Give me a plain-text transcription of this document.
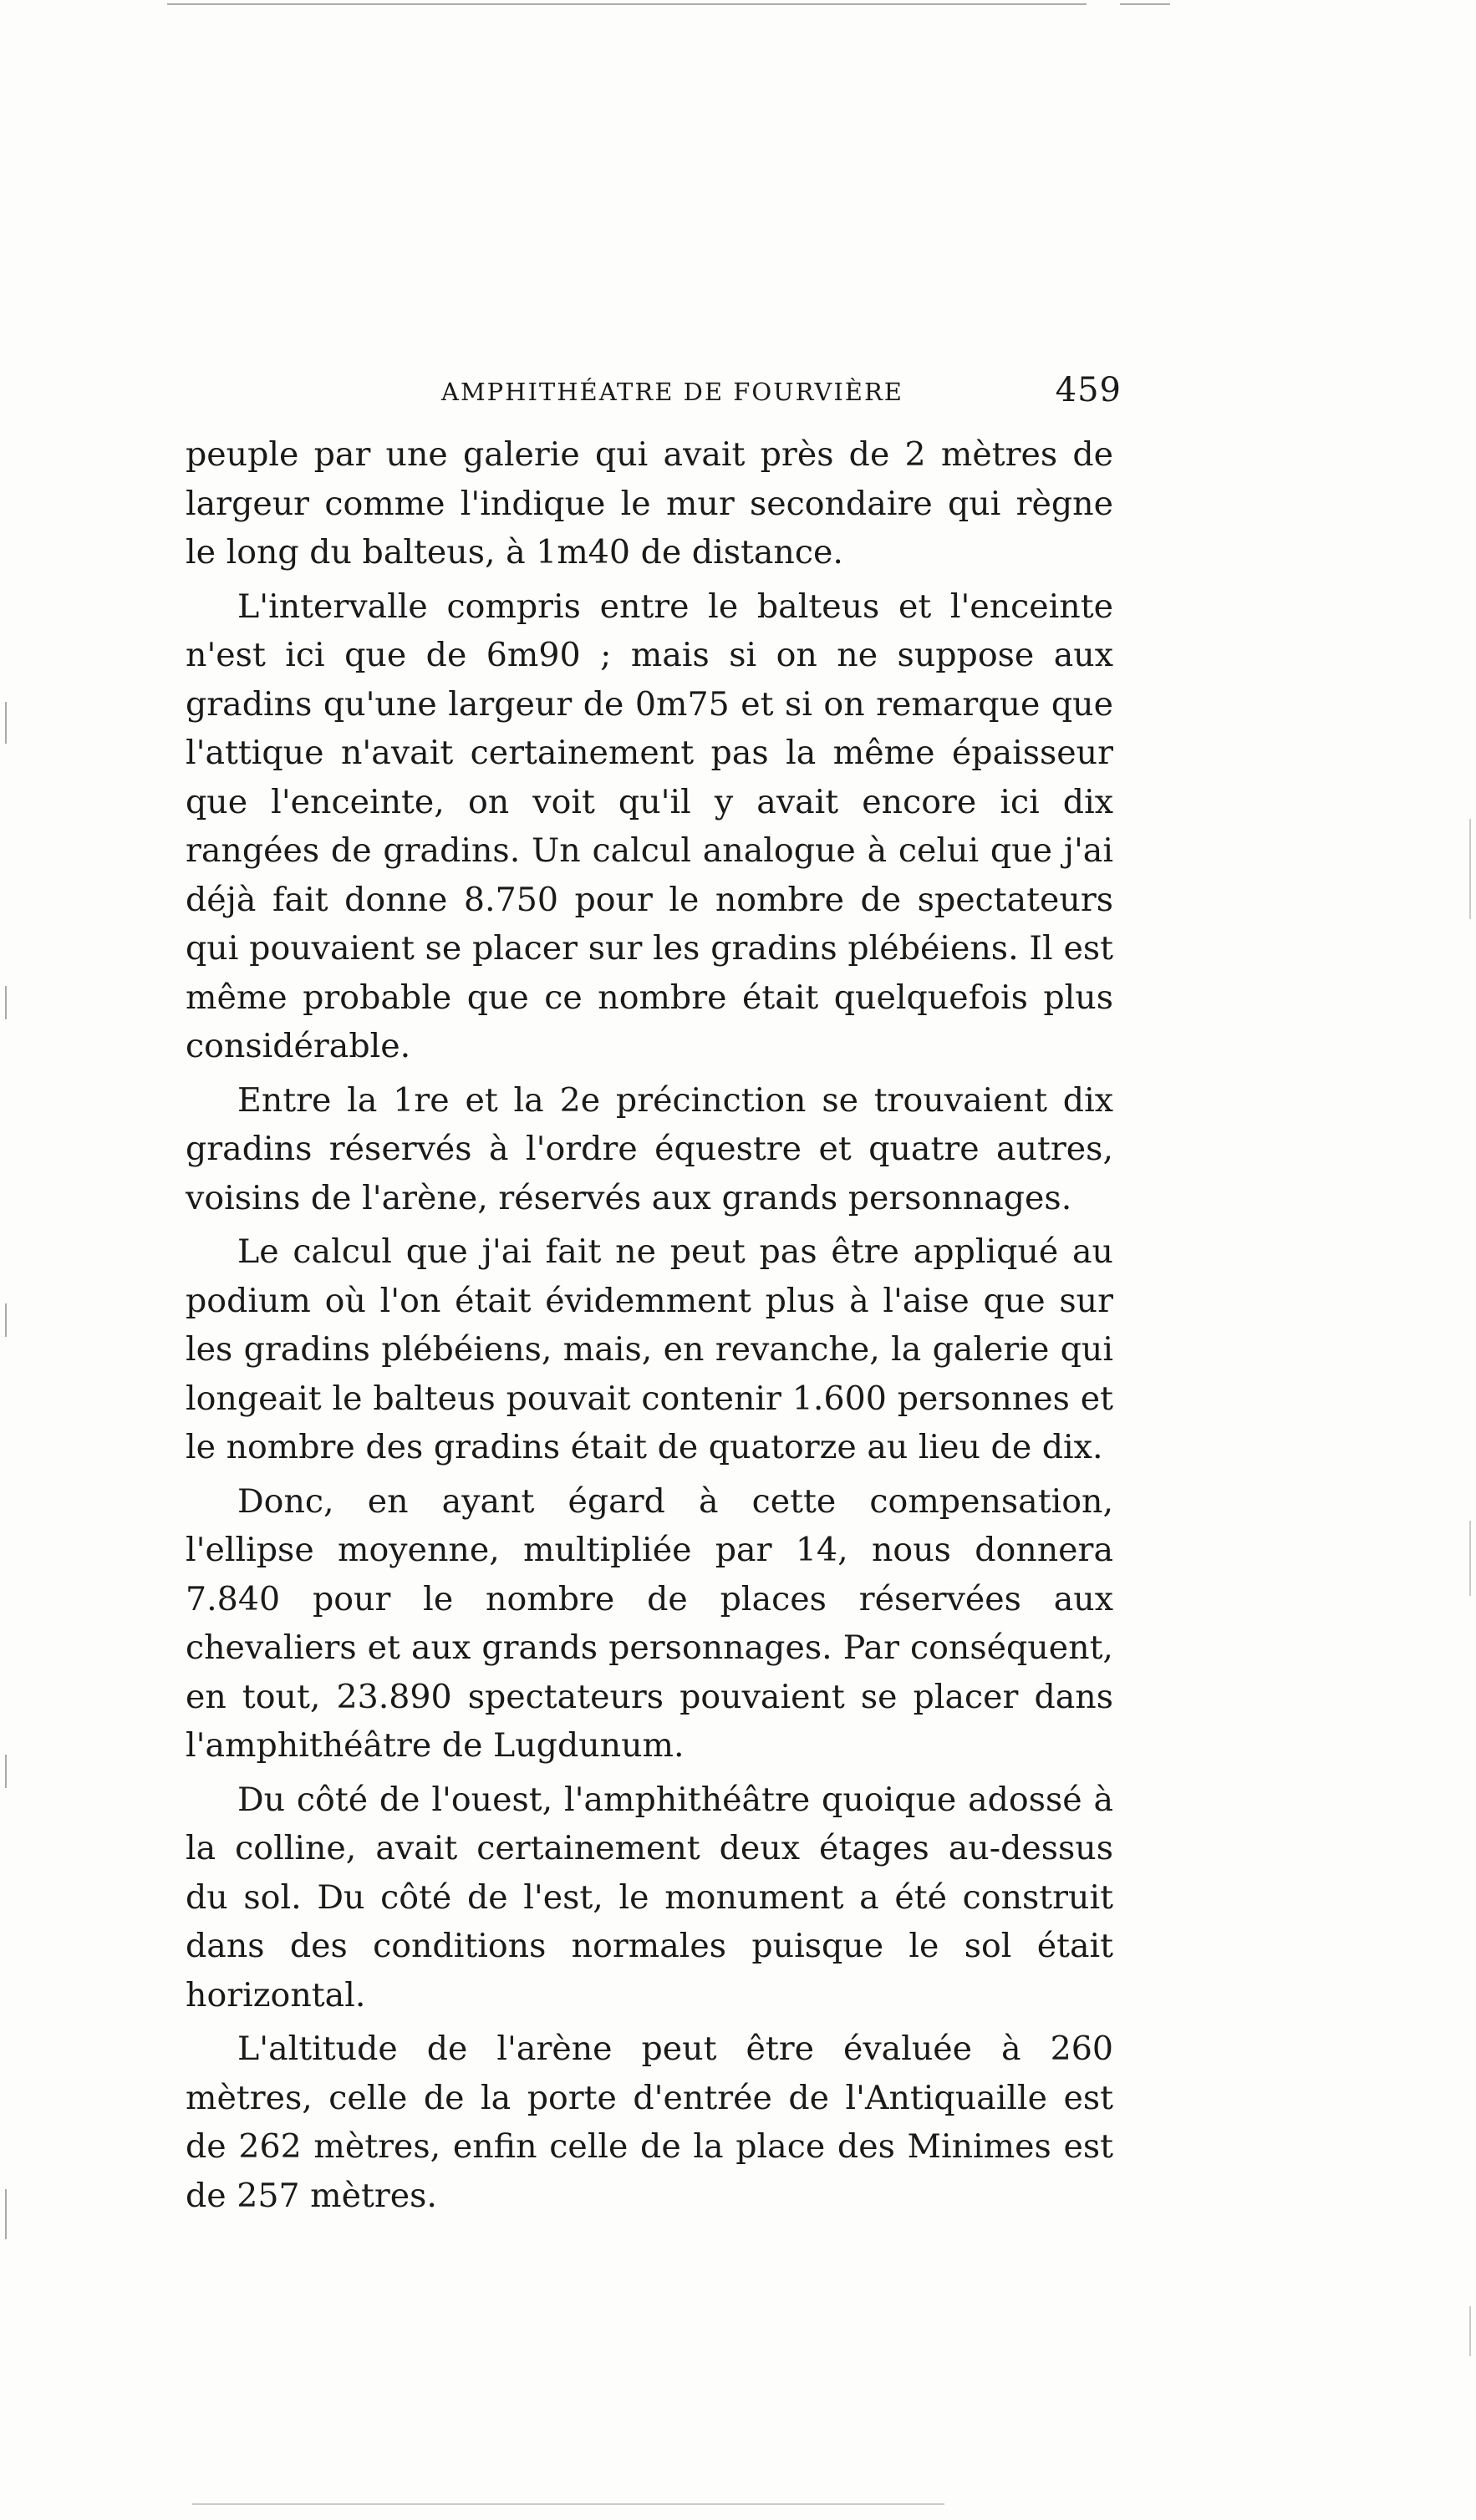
AMPHITHÉATRE DE FOURVIÈRE	459

peuple par une galerie qui avait près de 2 mètres de largeur comme l'indique le mur secondaire qui règne le long du balteus, à 1m40 de distance.

L'intervalle compris entre le balteus et l'enceinte n'est ici que de 6m90 ; mais si on ne suppose aux gradins qu'une largeur de 0m75 et si on remarque que l'attique n'avait certainement pas la même épaisseur que l'enceinte, on voit qu'il y avait encore ici dix rangées de gradins. Un calcul analogue à celui que j'ai déjà fait donne 8.750 pour le nombre de spectateurs qui pouvaient se placer sur les gradins plébéiens. Il est même probable que ce nombre était quelquefois plus considérable.

Entre la 1re et la 2e précinction se trouvaient dix gradins réservés à l'ordre équestre et quatre autres, voisins de l'arène, réservés aux grands personnages.

Le calcul que j'ai fait ne peut pas être appliqué au podium où l'on était évidemment plus à l'aise que sur les gradins plébéiens, mais, en revanche, la galerie qui longeait le balteus pouvait contenir 1.600 personnes et le nombre des gradins était de quatorze au lieu de dix.

Donc, en ayant égard à cette compensation, l'ellipse moyenne, multipliée par 14, nous donnera 7.840 pour le nombre de places réservées aux chevaliers et aux grands personnages. Par conséquent, en tout, 23.890 spectateurs pouvaient se placer dans l'amphithéâtre de Lugdunum.

Du côté de l'ouest, l'amphithéâtre quoique adossé à la colline, avait certainement deux étages au-dessus du sol. Du côté de l'est, le monument a été construit dans des conditions normales puisque le sol était horizontal.

L'altitude de l'arène peut être évaluée à 260 mètres, celle de la porte d'entrée de l'Antiquaille est de 262 mètres, enfin celle de la place des Minimes est de 257 mètres.
